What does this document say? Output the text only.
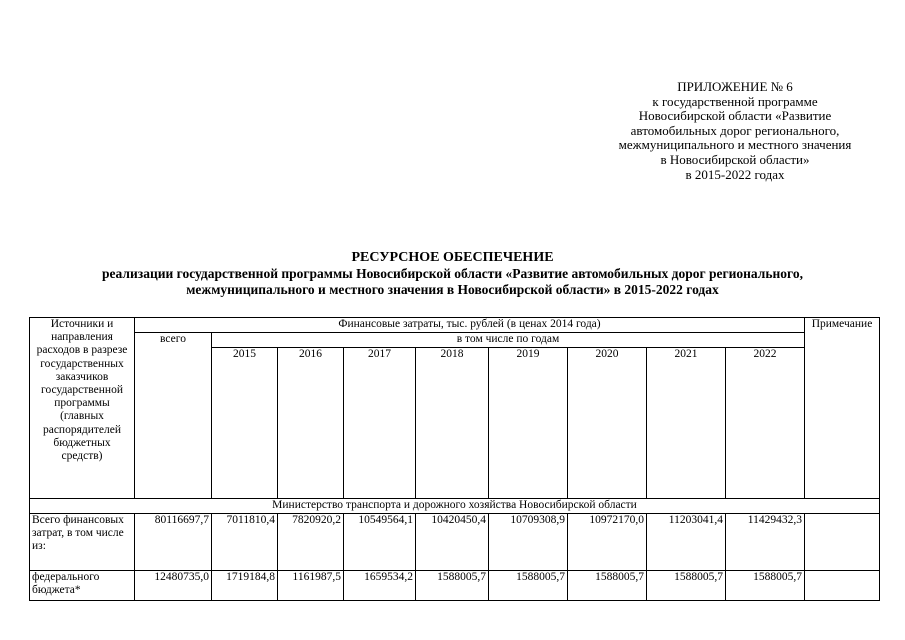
ПРИЛОЖЕНИЕ № 6
к государственной программе
Новосибирской области «Развитие
автомобильных дорог регионального,
межмуниципального и местного значения
в Новосибирской области»
в 2015-2022 годах
РЕСУРСНОЕ ОБЕСПЕЧЕНИЕ
реализации государственной программы Новосибирской области «Развитие автомобильных дорог регионального,
межмуниципального и местного значения в Новосибирской области» в 2015-2022 годах
Источники и направления расходов в разрезе государственных заказчиков государственной программы (главных распорядителей бюджетных средств)	Финансовые затраты, тыс. рублей (в ценах 2014 года)									Примечание
	всего	в том числе по годам								
		2015	2016	2017	2018	2019	2020	2021	2022	
Министерство транспорта и дорожного хозяйства Новосибирской области										
Всего финансовых затрат, в том числе из:	80116697,7	7011810,4	7820920,2	10549564,1	10420450,4	10709308,9	10972170,0	11203041,4	11429432,3	
федерального бюджета*	12480735,0	1719184,8	1161987,5	1659534,2	1588005,7	1588005,7	1588005,7	1588005,7	1588005,7	
